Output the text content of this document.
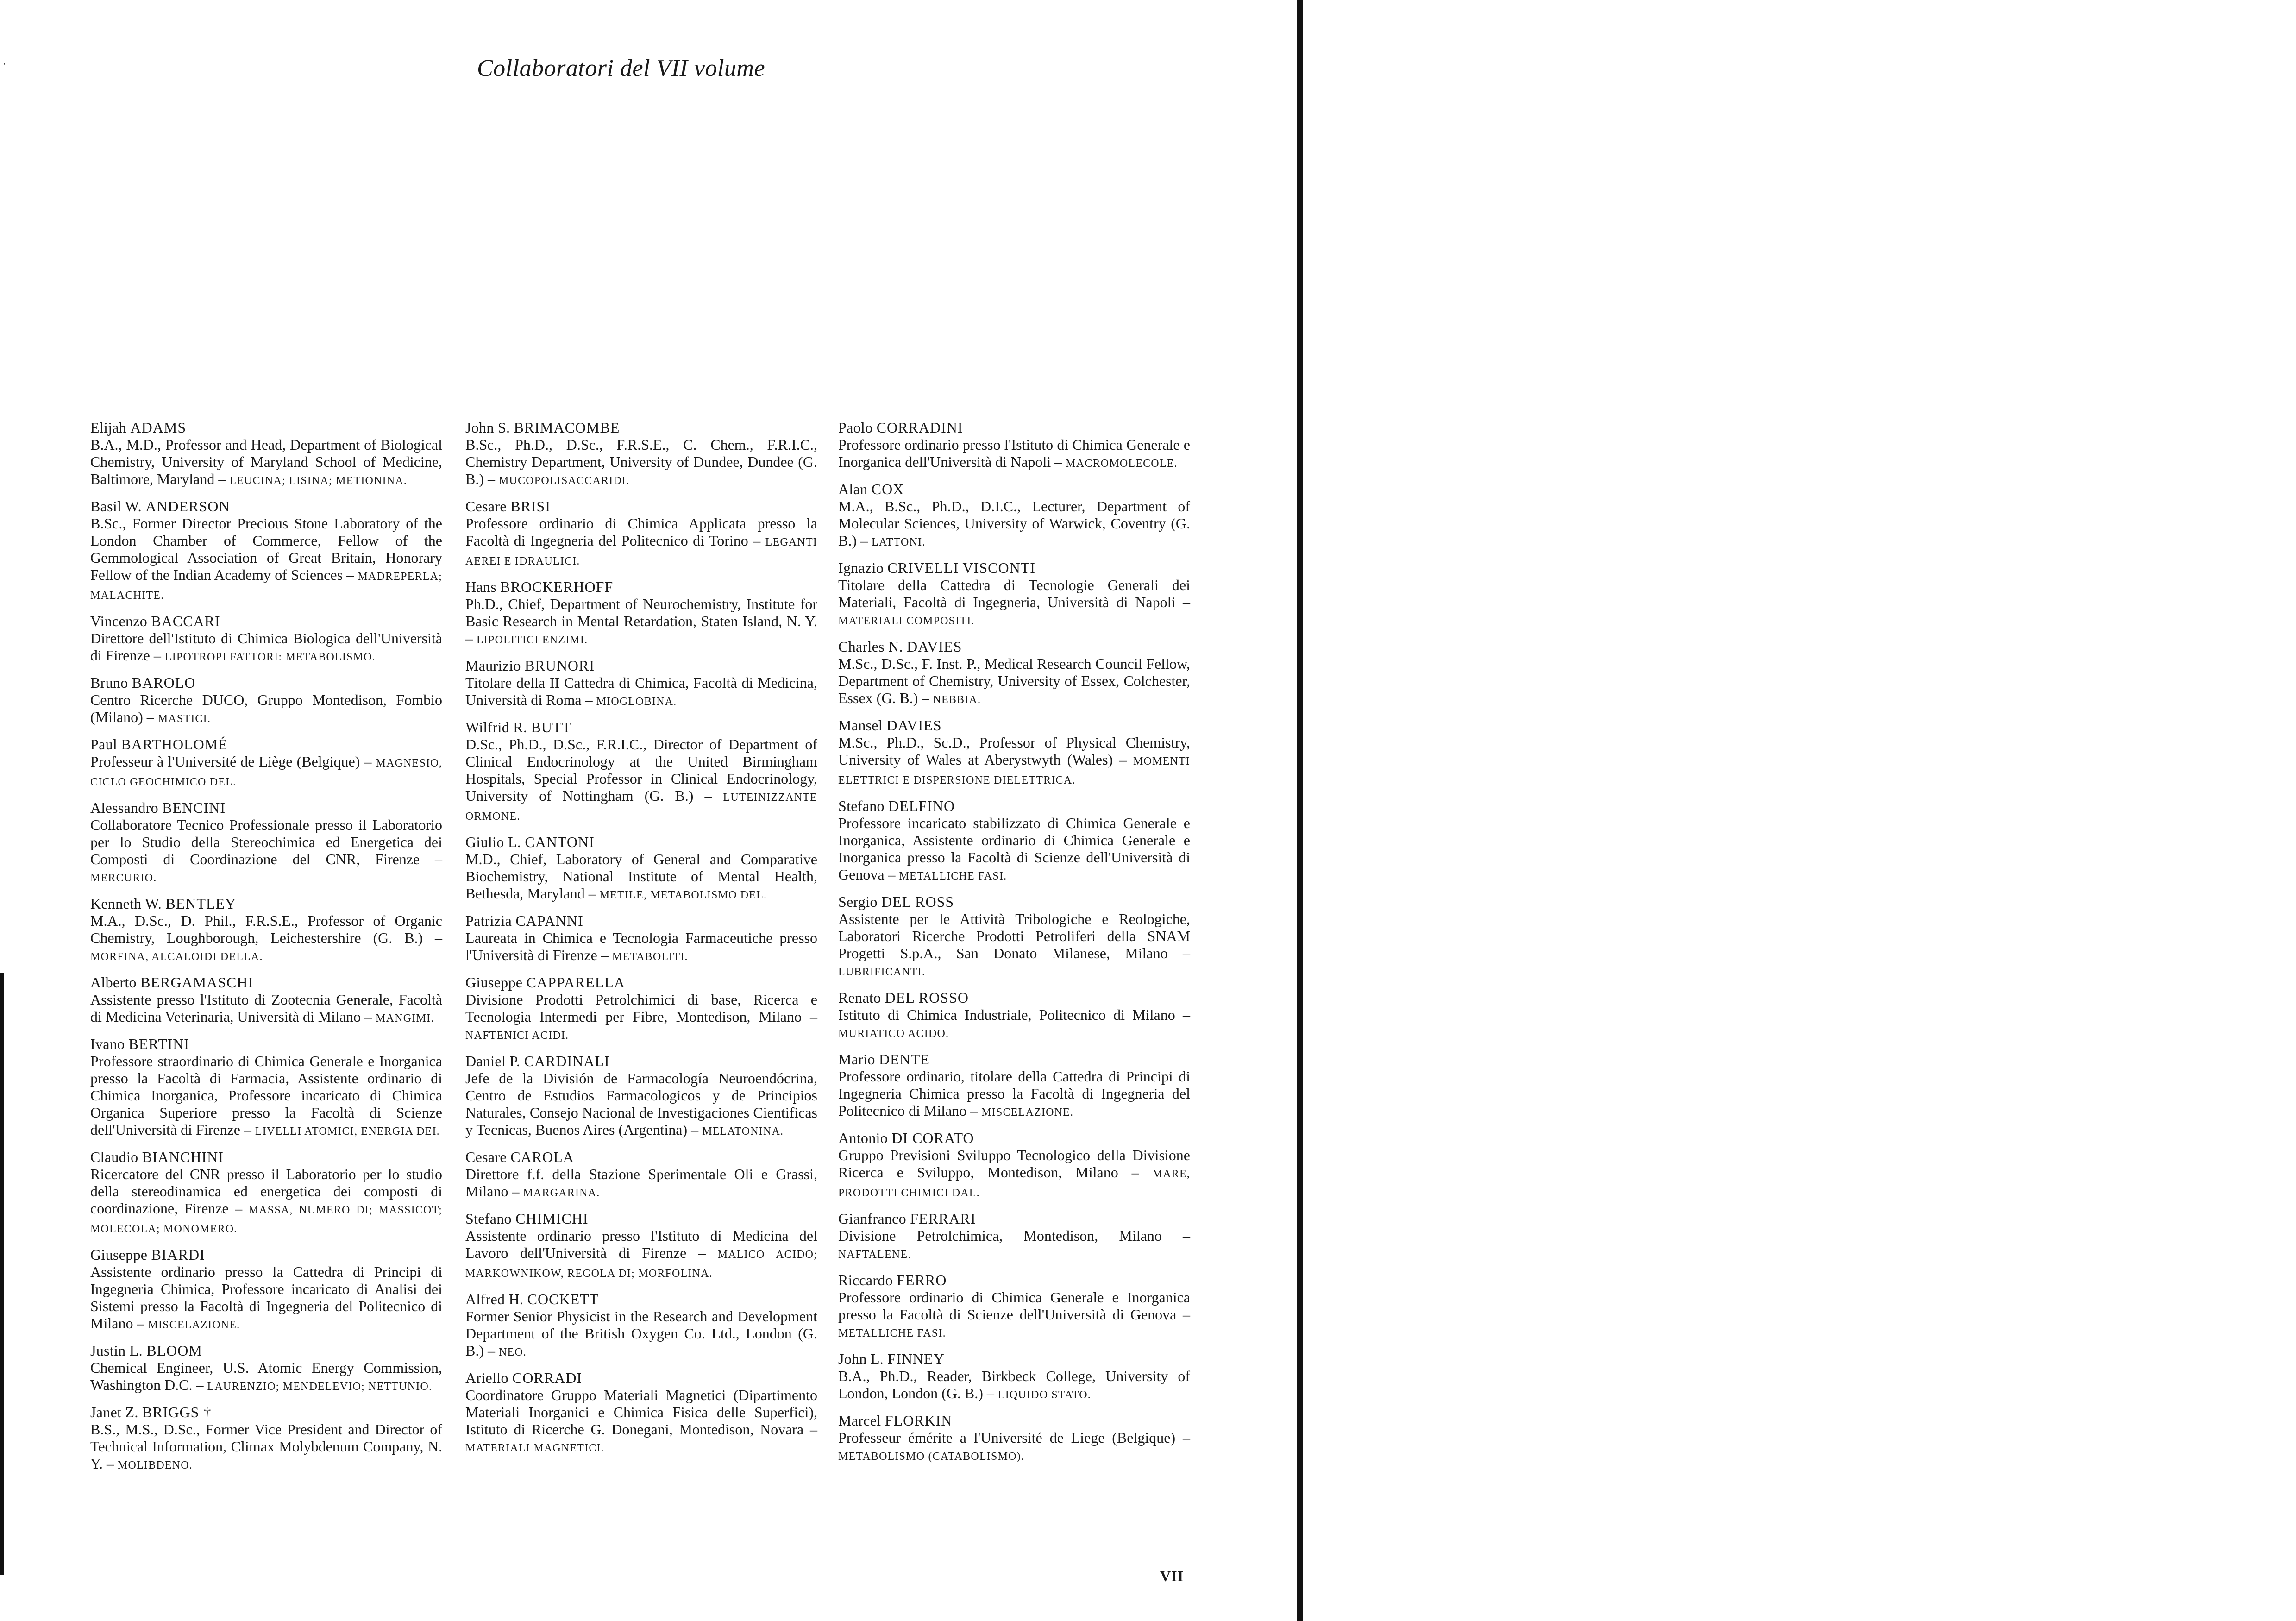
'	Collaboratori del VII volume
Elijah ADAMS
B.A., M.D., Professor and Head, Department of Biological Chemistry, University of Maryland School of Medicine, Baltimore, Maryland – LEUCINA; LISINA; METIONINA.
Basil W. ANDERSON
B.Sc., Former Director Precious Stone Laboratory of the London Chamber of Commerce, Fellow of the Gemmological Association of Great Britain, Honorary Fellow of the Indian Academy of Sciences – MADREPERLA; MALACHITE.
Vincenzo BACCARI
Direttore dell'Istituto di Chimica Biologica dell'Università di Firenze – LIPOTROPI FATTORI: METABOLISMO.
Bruno BAROLO
Centro Ricerche DUCO, Gruppo Montedison, Fombio (Milano) – MASTICI.
Paul BARTHOLOMÉ
Professeur à l'Université de Liège (Belgique) – MAGNESIO, CICLO GEOCHIMICO DEL.
Alessandro BENCINI
Collaboratore Tecnico Professionale presso il Laboratorio per lo Studio della Stereochimica ed Energetica dei Composti di Coordinazione del CNR, Firenze – MERCURIO.
Kenneth W. BENTLEY
M.A., D.Sc., D. Phil., F.R.S.E., Professor of Organic Chemistry, Loughborough, Leichestershire (G. B.) – MORFINA, ALCALOIDI DELLA.
Alberto BERGAMASCHI
Assistente presso l'Istituto di Zootecnia Generale, Facoltà di Medicina Veterinaria, Università di Milano – MANGIMI.
Ivano BERTINI
Professore straordinario di Chimica Generale e Inorganica presso la Facoltà di Farmacia, Assistente ordinario di Chimica Inorganica, Professore incaricato di Chimica Organica Superiore presso la Facoltà di Scienze dell'Università di Firenze – LIVELLI ATOMICI, ENERGIA DEI.
Claudio BIANCHINI
Ricercatore del CNR presso il Laboratorio per lo studio della stereodinamica ed energetica dei composti di coordinazione, Firenze – MASSA, NUMERO DI; MASSICOT; MOLECOLA; MONOMERO.
Giuseppe BIARDI
Assistente ordinario presso la Cattedra di Principi di Ingegneria Chimica, Professore incaricato di Analisi dei Sistemi presso la Facoltà di Ingegneria del Politecnico di Milano – MISCELAZIONE.
Justin L. BLOOM
Chemical Engineer, U.S. Atomic Energy Commission, Washington D.C. – LAURENZIO; MENDELEVIO; NETTUNIO.
Janet Z. BRIGGS †
B.S., M.S., D.Sc., Former Vice President and Director of Technical Information, Climax Molybdenum Company, N. Y. – MOLIBDENO.
John S. BRIMACOMBE
B.Sc., Ph.D., D.Sc., F.R.S.E., C. Chem., F.R.I.C., Chemistry Department, University of Dundee, Dundee (G. B.) – MUCOPOLISACCARIDI.
Cesare BRISI
Professore ordinario di Chimica Applicata presso la Facoltà di Ingegneria del Politecnico di Torino – LEGANTI AEREI E IDRAULICI.
Hans BROCKERHOFF
Ph.D., Chief, Department of Neurochemistry, Institute for Basic Research in Mental Retardation, Staten Island, N. Y. – LIPOLITICI ENZIMI.
Maurizio BRUNORI
Titolare della II Cattedra di Chimica, Facoltà di Medicina, Università di Roma – MIOGLOBINA.
Wilfrid R. BUTT
D.Sc., Ph.D., D.Sc., F.R.I.C., Director of Department of Clinical Endocrinology at the United Birmingham Hospitals, Special Professor in Clinical Endocrinology, University of Nottingham (G. B.) – LUTEINIZZANTE ORMONE.
Giulio L. CANTONI
M.D., Chief, Laboratory of General and Comparative Biochemistry, National Institute of Mental Health, Bethesda, Maryland – METILE, METABOLISMO DEL.
Patrizia CAPANNI
Laureata in Chimica e Tecnologia Farmaceutiche presso l'Università di Firenze – METABOLITI.
Giuseppe CAPPARELLA
Divisione Prodotti Petrolchimici di base, Ricerca e Tecnologia Intermedi per Fibre, Montedison, Milano – NAFTENICI ACIDI.
Daniel P. CARDINALI
Jefe de la División de Farmacología Neuroendócrina, Centro de Estudios Farmacologicos y de Principios Naturales, Consejo Nacional de Investigaciones Cientificas y Tecnicas, Buenos Aires (Argentina) – MELATONINA.
Cesare CAROLA
Direttore f.f. della Stazione Sperimentale Oli e Grassi, Milano – MARGARINA.
Stefano CHIMICHI
Assistente ordinario presso l'Istituto di Medicina del Lavoro dell'Università di Firenze – MALICO ACIDO; MARKOWNIKOW, REGOLA DI; MORFOLINA.
Alfred H. COCKETT
Former Senior Physicist in the Research and Development Department of the British Oxygen Co. Ltd., London (G. B.) – NEO.
Ariello CORRADI
Coordinatore Gruppo Materiali Magnetici (Dipartimento Materiali Inorganici e Chimica Fisica delle Superfici), Istituto di Ricerche G. Donegani, Montedison, Novara – MATERIALI MAGNETICI.
Paolo CORRADINI
Professore ordinario presso l'Istituto di Chimica Generale e Inorganica dell'Università di Napoli – MACROMOLECOLE.
Alan COX
M.A., B.Sc., Ph.D., D.I.C., Lecturer, Department of Molecular Sciences, University of Warwick, Coventry (G. B.) – LATTONI.
Ignazio CRIVELLI VISCONTI
Titolare della Cattedra di Tecnologie Generali dei Materiali, Facoltà di Ingegneria, Università di Napoli – MATERIALI COMPOSITI.
Charles N. DAVIES
M.Sc., D.Sc., F. Inst. P., Medical Research Council Fellow, Department of Chemistry, University of Essex, Colchester, Essex (G. B.) – NEBBIA.
Mansel DAVIES
M.Sc., Ph.D., Sc.D., Professor of Physical Chemistry, University of Wales at Aberystwyth (Wales) – MOMENTI ELETTRICI E DISPERSIONE DIELETTRICA.
Stefano DELFINO
Professore incaricato stabilizzato di Chimica Generale e Inorganica, Assistente ordinario di Chimica Generale e Inorganica presso la Facoltà di Scienze dell'Università di Genova – METALLICHE FASI.
Sergio DEL ROSS
Assistente per le Attività Tribologiche e Reologiche, Laboratori Ricerche Prodotti Petroliferi della SNAM Progetti S.p.A., San Donato Milanese, Milano – LUBRIFICANTI.
Renato DEL ROSSO
Istituto di Chimica Industriale, Politecnico di Milano – MURIATICO ACIDO.
Mario DENTE
Professore ordinario, titolare della Cattedra di Principi di Ingegneria Chimica presso la Facoltà di Ingegneria del Politecnico di Milano – MISCELAZIONE.
Antonio DI CORATO
Gruppo Previsioni Sviluppo Tecnologico della Divisione Ricerca e Sviluppo, Montedison, Milano – MARE, PRODOTTI CHIMICI DAL.
Gianfranco FERRARI
Divisione Petrolchimica, Montedison, Milano – NAFTALENE.
Riccardo FERRO
Professore ordinario di Chimica Generale e Inorganica presso la Facoltà di Scienze dell'Università di Genova – METALLICHE FASI.
John L. FINNEY
B.A., Ph.D., Reader, Birkbeck College, University of London, London (G. B.) – LIQUIDO STATO.
Marcel FLORKIN
Professeur émérite a l'Université de Liege (Belgique) – METABOLISMO (CATABOLISMO).
VII
